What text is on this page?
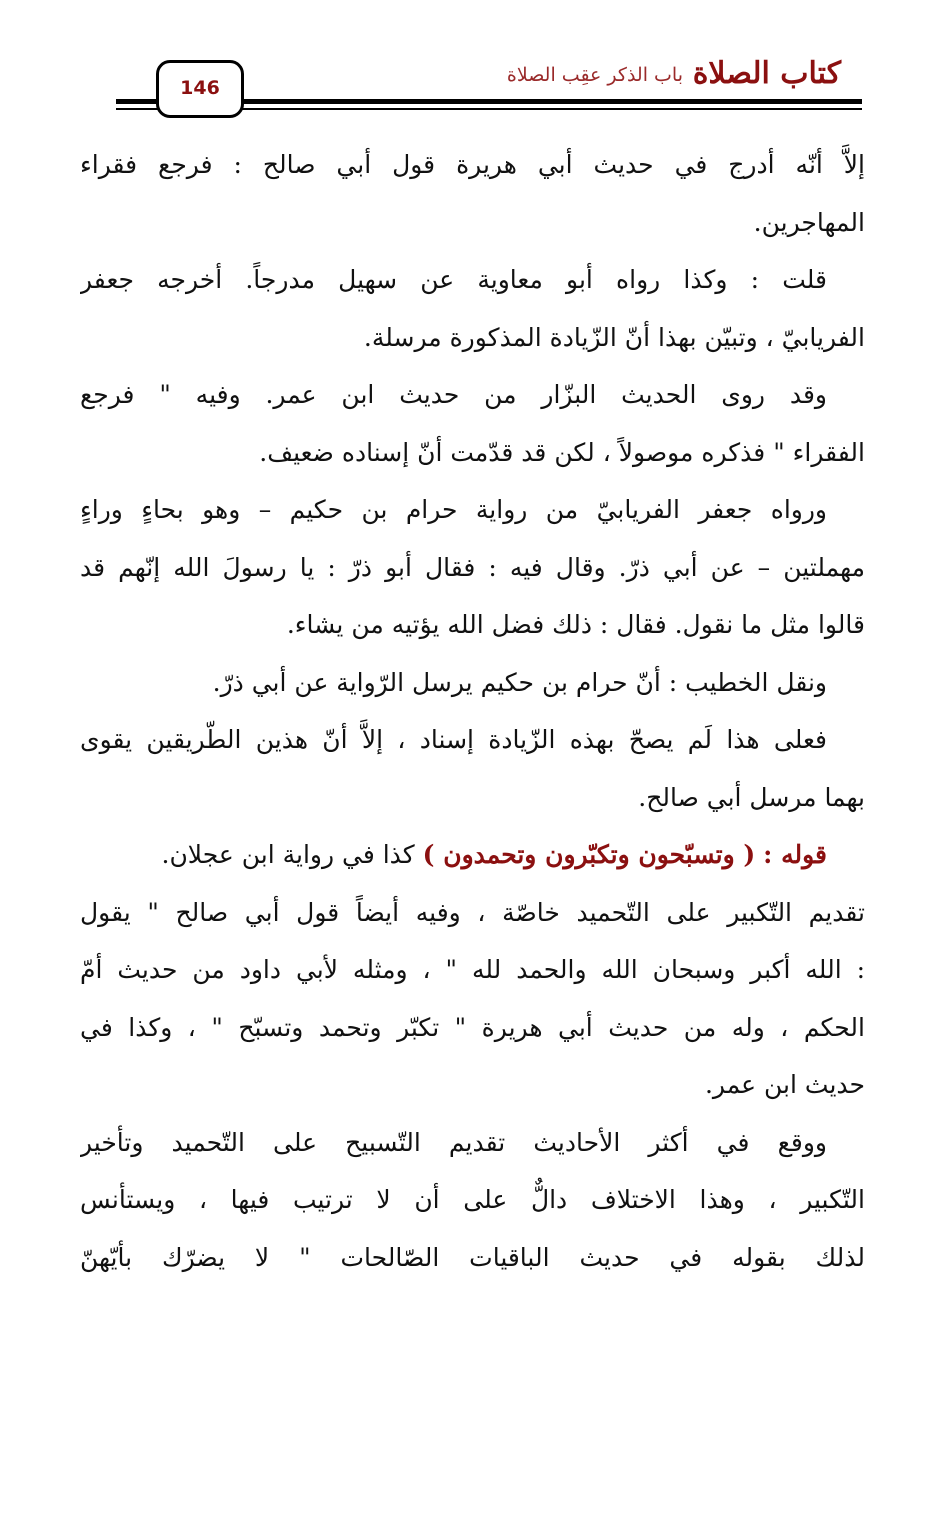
كتاب الصلاة
باب الذكر عقِب الصلاة
146
إلاَّ أنّه أدرج في حديث أبي هريرة قول أبي صالح : فرجع فقراء
المهاجرين.
قلت : وكذا رواه أبو معاوية عن سهيل مدرجاً. أخرجه جعفر
الفريابيّ ، وتبيّن بهذا أنّ الزّيادة المذكورة مرسلة.
وقد روى الحديث البزّار من حديث ابن عمر. وفيه " فرجع
الفقراء " فذكره موصولاً ، لكن قد قدّمت أنّ إسناده ضعيف.
ورواه جعفر الفريابيّ من رواية حرام بن حكيم – وهو بحاءٍ وراءٍ
مهملتين – عن أبي ذرّ. وقال فيه : فقال أبو ذرّ : يا رسولَ الله إنّهم قد
قالوا مثل ما نقول. فقال : ذلك فضل الله يؤتيه من يشاء.
ونقل الخطيب : أنّ حرام بن حكيم يرسل الرّواية عن أبي ذرّ.
فعلى هذا لَم يصحّ بهذه الزّيادة إسناد ، إلاَّ أنّ هذين الطّريقين يقوى
بهما مرسل أبي صالح.
قوله : ( وتسبّحون وتكبّرون وتحمدون ) كذا في رواية ابن عجلان.
تقديم التّكبير على التّحميد خاصّة ، وفيه أيضاً قول أبي صالح " يقول
: الله أكبر وسبحان الله والحمد لله " ، ومثله لأبي داود من حديث أمّ
الحكم ، وله من حديث أبي هريرة " تكبّر وتحمد وتسبّح " ، وكذا في
حديث ابن عمر.
ووقع في أكثر الأحاديث تقديم التّسبيح على التّحميد وتأخير
التّكبير ، وهذا الاختلاف دالٌّ على أن لا ترتيب فيها ، ويستأنس
لذلك بقوله في حديث الباقيات الصّالحات " لا يضرّك بأيّهنّ
